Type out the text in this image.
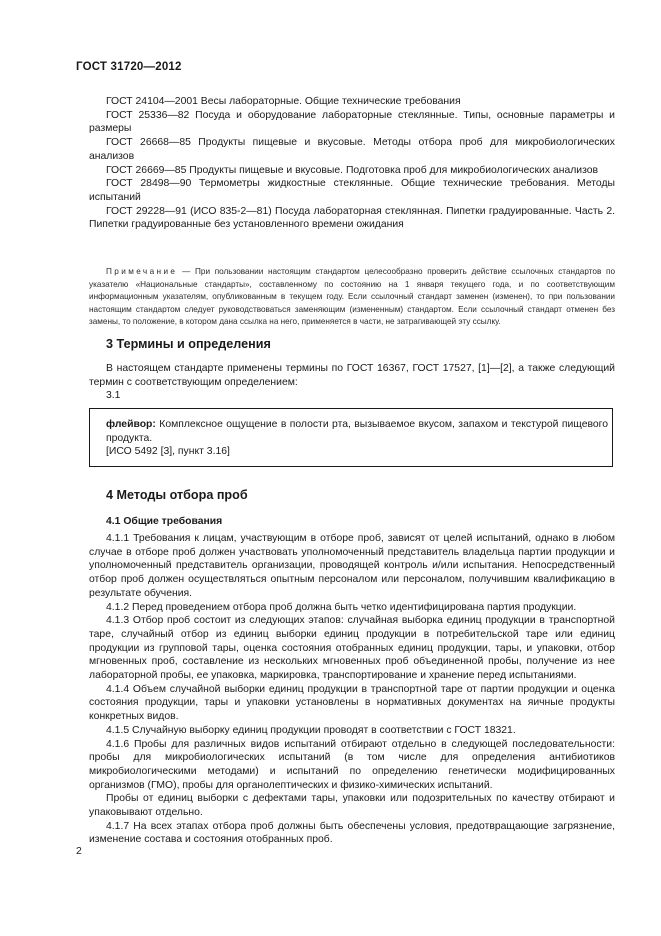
ГОСТ 31720—2012

ГОСТ 24104—2001 Весы лабораторные. Общие технические требования

ГОСТ 25336—82 Посуда и оборудование лабораторные стеклянные. Типы, основные параметры и размеры

ГОСТ 26668—85 Продукты пищевые и вкусовые. Методы отбора проб для микробиологических анализов

ГОСТ 26669—85 Продукты пищевые и вкусовые. Подготовка проб для микробиологических анализов

ГОСТ 28498—90 Термометры жидкостные стеклянные. Общие технические требования. Методы испытаний

ГОСТ 29228—91 (ИСО 835-2—81) Посуда лабораторная стеклянная. Пипетки градуированные. Часть 2. Пипетки градуированные без установленного времени ожидания

Примечание — При пользовании настоящим стандартом целесообразно проверить действие ссылочных стандартов по указателю «Национальные стандарты», составленному по состоянию на 1 января текущего года, и по соответствующим информационным указателям, опубликованным в текущем году. Если ссылочный стандарт заменен (изменен), то при пользовании настоящим стандартом следует руководствоваться заменяющим (измененным) стандартом. Если ссылочный стандарт отменен без замены, то положение, в котором дана ссылка на него, применяется в части, не затрагивающей эту ссылку.

3 Термины и определения

В настоящем стандарте применены термины по ГОСТ 16367, ГОСТ 17527, [1]—[2], а также следующий термин с соответствующим определением:

3.1

флейвор: Комплексное ощущение в полости рта, вызываемое вкусом, запахом и текстурой пищевого продукта.

[ИСО 5492 [3], пункт 3.16]

4 Методы отбора проб

4.1 Общие требования

4.1.1 Требования к лицам, участвующим в отборе проб, зависят от целей испытаний, однако в любом случае в отборе проб должен участвовать уполномоченный представитель владельца партии продукции и уполномоченный представитель организации, проводящей контроль и/или испытания. Непосредственный отбор проб должен осуществляться опытным персоналом или персоналом, получившим квалификацию в результате обучения.

4.1.2 Перед проведением отбора проб должна быть четко идентифицирована партия продукции.

4.1.3 Отбор проб состоит из следующих этапов: случайная выборка единиц продукции в транспортной таре, случайный отбор из единиц выборки единиц продукции в потребительской таре или единиц продукции из групповой тары, оценка состояния отобранных единиц продукции, тары, и упаковки, отбор мгновенных проб, составление из нескольких мгновенных проб объединенной пробы, получение из нее лабораторной пробы, ее упаковка, маркировка, транспортирование и хранение перед испытаниями.

4.1.4 Объем случайной выборки единиц продукции в транспортной таре от партии продукции и оценка состояния продукции, тары и упаковки установлены в нормативных документах на яичные продукты конкретных видов.

4.1.5 Случайную выборку единиц продукции проводят в соответствии с ГОСТ 18321.

4.1.6 Пробы для различных видов испытаний отбирают отдельно в следующей последовательности: пробы для микробиологических испытаний (в том числе для определения антибиотиков микробиологическими методами) и испытаний по определению генетически модифицированных организмов (ГМО), пробы для органолептических и физико-химических испытаний.

Пробы от единиц выборки с дефектами тары, упаковки или подозрительных по качеству отбирают и упаковывают отдельно.

4.1.7 На всех этапах отбора проб должны быть обеспечены условия, предотвращающие загрязнение, изменение состава и состояния отобранных проб.

2
